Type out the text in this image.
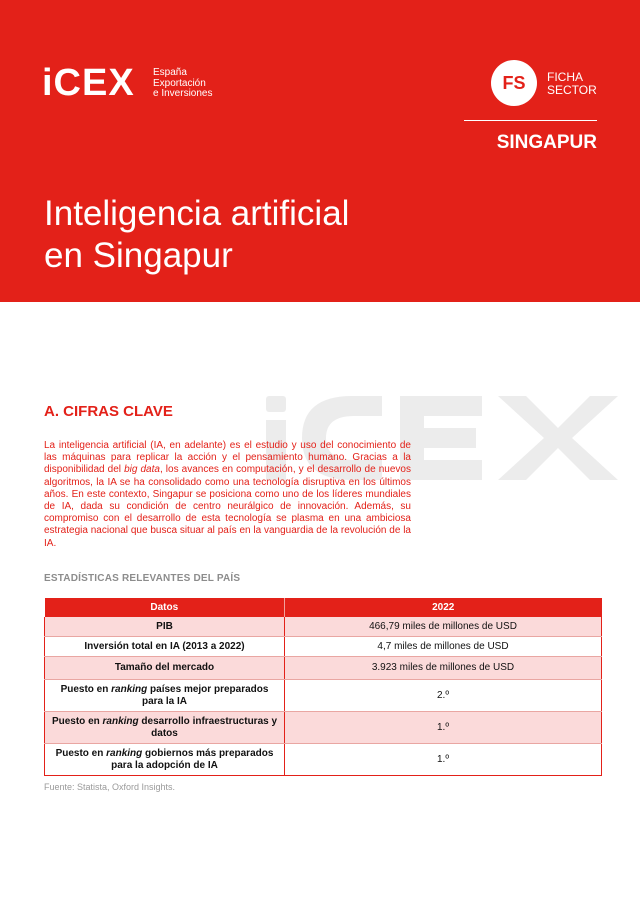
iCEX España
Exportación
e Inversiones
FS	FICHA
SECTOR
SINGAPUR
Inteligencia artificial
en Singapur
A. CIFRAS CLAVE
La inteligencia artificial (IA, en adelante) es el estudio y uso del conocimiento de las máquinas para replicar la acción y el pensamiento humano. Gracias a la disponibilidad del big data, los avances en computación, y el desarrollo de nuevos algoritmos, la IA se ha consolidado como una tecnología disruptiva en los últimos años. En este contexto, Singapur se posiciona como uno de los líderes mundiales de IA, dada su condición de centro neurálgico de innovación. Además, su compromiso con el desarrollo de esta tecnología se plasma en una ambiciosa estrategia nacional que busca situar al país en la vanguardia de la revolución de la IA.
ESTADÍSTICAS RELEVANTES DEL PAÍS
Datos	2022
PIB	466,79 miles de millones de USD
Inversión total en IA (2013 a 2022)	4,7 miles de millones de USD
Tamaño del mercado	3.923 miles de millones de USD
Puesto en ranking países mejor preparados para la IA	2.º
Puesto en ranking desarrollo infraestructuras y datos	1.º
Puesto en ranking gobiernos más preparados para la adopción de IA	1.º
Fuente: Statista, Oxford Insights.
